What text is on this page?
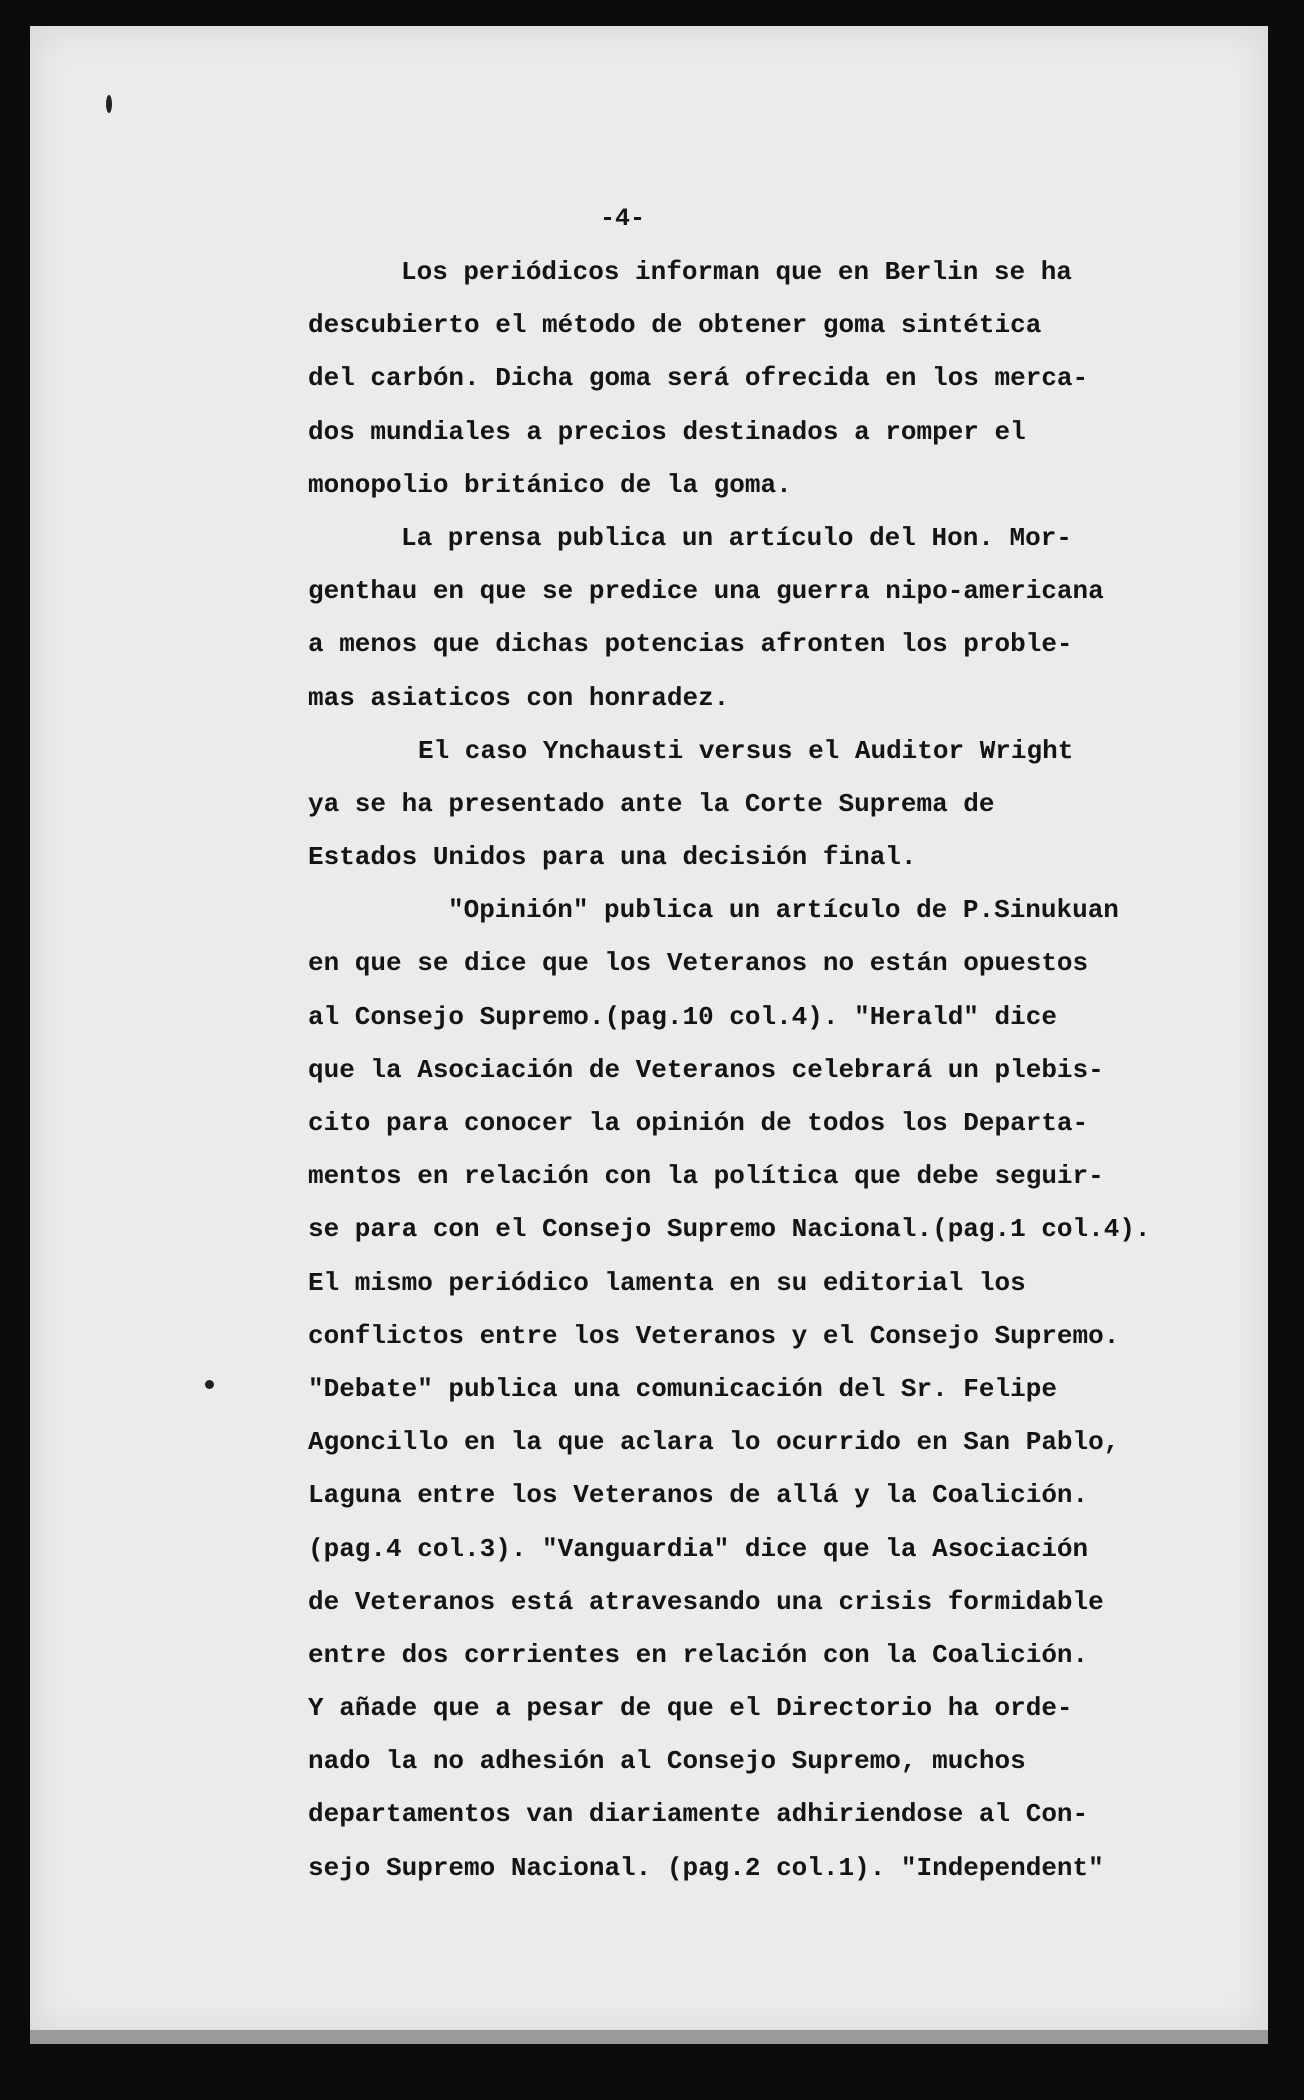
-4-
Los periódicos informan que en Berlin se ha
descubierto el método de obtener goma sintética
del carbón. Dicha goma será ofrecida en los merca-
dos mundiales a precios destinados a romper el
monopolio británico de la goma.
La prensa publica un artículo del Hon. Mor-
genthau en que se predice una guerra nipo-americana
a menos que dichas potencias afronten los proble-
mas asiaticos con honradez.
El caso Ynchausti versus el Auditor Wright
ya se ha presentado ante la Corte Suprema de
Estados Unidos para una decisión final.
"Opinión" publica un artículo de P.Sinukuan
en que se dice que los Veteranos no están opuestos
al Consejo Supremo.(pag.10 col.4). "Herald" dice
que la Asociación de Veteranos celebrará un plebis-
cito para conocer la opinión de todos los Departa-
mentos en relación con la política que debe seguir-
se para con el Consejo Supremo Nacional.(pag.1 col.4).
El mismo periódico lamenta en su editorial los
conflictos entre los Veteranos y el Consejo Supremo.
"Debate" publica una comunicación del Sr. Felipe
Agoncillo en la que aclara lo ocurrido en San Pablo,
Laguna entre los Veteranos de allá y la Coalición.
(pag.4 col.3). "Vanguardia" dice que la Asociación
de Veteranos está atravesando una crisis formidable
entre dos corrientes en relación con la Coalición.
Y añade que a pesar de que el Directorio ha orde-
nado la no adhesión al Consejo Supremo, muchos
departamentos van diariamente adhiriendose al Con-
sejo Supremo Nacional. (pag.2 col.1). "Independent"
